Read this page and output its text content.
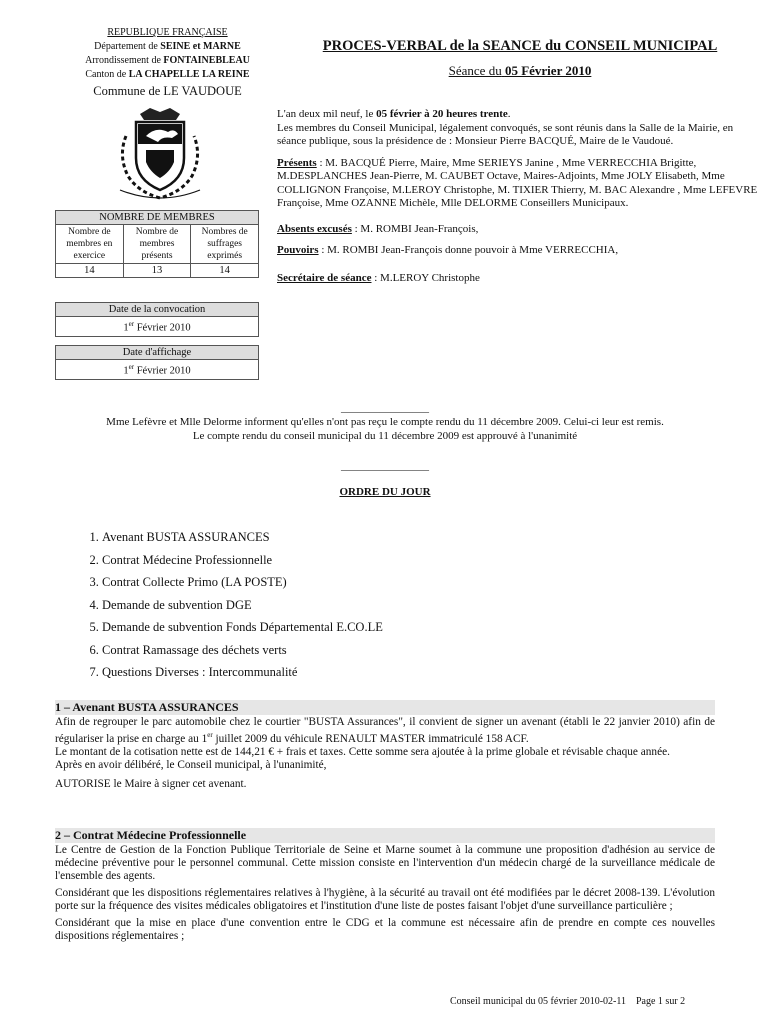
REPUBLIQUE FRANÇAISE
Département de SEINE et MARNE
Arrondissement de FONTAINEBLEAU
Canton de LA CHAPELLE LA REINE
Commune de LE VAUDOUE
PROCES-VERBAL de la SEANCE du CONSEIL MUNICIPAL
Séance du 05 Février 2010
NOMBRE DE MEMBRES
Nombre de membres en exercice
Nombre de membres présents
Nombres de suffrages exprimés
14	13	14
Date de la convocation
1er Février 2010
Date d'affichage
1er Février 2010

L'an deux mil neuf, le 05 février à 20 heures trente.
Les membres du Conseil Municipal, légalement convoqués, se sont réunis dans la Salle de la Mairie, en séance publique, sous la présidence de : Monsieur Pierre BACQUÉ, Maire de le Vaudoué.

Présents : M. BACQUÉ Pierre, Maire, Mme SERIEYS Janine , Mme VERRECCHIA Brigitte, M.DESPLANCHES Jean-Pierre, M. CAUBET Octave, Maires-Adjoints, Mme JOLY Elisabeth, Mme COLLIGNON Françoise, M.LEROY Christophe, M. TIXIER Thierry, M. BAC Alexandre , Mme LEFEVRE Françoise, Mme OZANNE Michèle, Mlle DELORME Conseillers Municipaux.

Absents excusés : M. ROMBI Jean-François,

Pouvoirs : M. ROMBI Jean-François donne pouvoir à Mme VERRECCHIA,

Secrétaire de séance : M.LEROY Christophe

________________
Mme Lefèvre et Mlle Delorme informent qu'elles n'ont pas reçu le compte rendu du 11 décembre 2009. Celui-ci leur est remis.
Le compte rendu du conseil municipal du 11 décembre 2009 est approuvé à l'unanimité
________________
ORDRE DU JOUR
1. Avenant BUSTA ASSURANCES
2. Contrat Médecine Professionnelle
3. Contrat Collecte Primo (LA POSTE)
4. Demande de subvention DGE
5. Demande de subvention Fonds Départemental E.CO.LE
6. Contrat Ramassage des déchets verts
7. Questions Diverses : Intercommunalité
1 – Avenant BUSTA ASSURANCES

Afin de regrouper le parc automobile chez le courtier "BUSTA Assurances", il convient de signer un avenant (établi le 22 janvier 2010) afin de régulariser la prise en charge au 1er juillet 2009 du véhicule RENAULT MASTER immatriculé 158 ACF.

Le montant de la cotisation nette est de 144,21 € + frais et taxes. Cette somme sera ajoutée à la prime globale et révisable chaque année.

Après en avoir délibéré, le Conseil municipal, à l'unanimité,

AUTORISE le Maire à signer cet avenant.

2 – Contrat Médecine Professionnelle

Le Centre de Gestion de la Fonction Publique Territoriale de Seine et Marne soumet à la commune une proposition d'adhésion au service de médecine préventive pour le personnel communal. Cette mission consiste en l'intervention d'un médecin chargé de la surveillance médicale de l'ensemble des agents.

Considérant que les dispositions réglementaires relatives à l'hygiène, à la sécurité au travail ont été modifiées par le décret 2008-139. L'évolution porte sur la fréquence des visites médicales obligatoires et l'institution d'une liste de postes faisant l'objet d'une surveillance particulière ;

Considérant que la mise en place d'une convention entre le CDG et la commune est nécessaire afin de prendre en compte ces nouvelles dispositions réglementaires ;

Conseil municipal du 05 février 2010-02-11 Page 1 sur 2
